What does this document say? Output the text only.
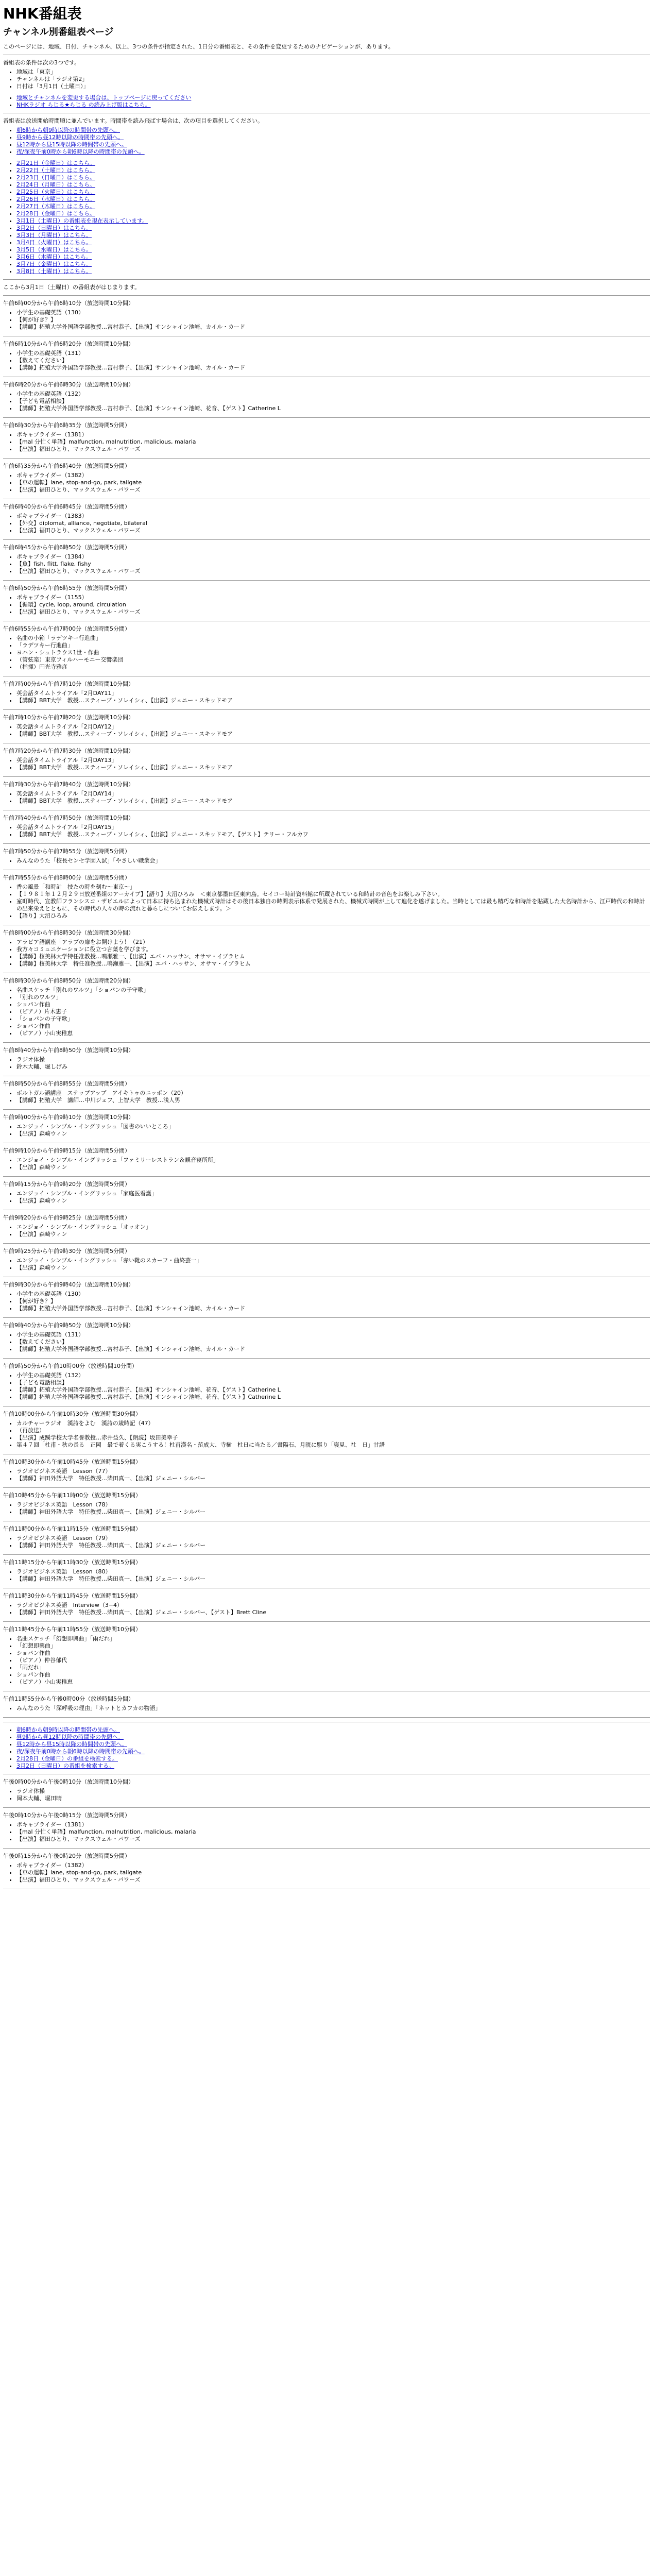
NHK番組表
チャンネル別番組表ページ

このページには、地域、日付、チャンネル、以上、3つの条件が指定された、1日分の番組表と、その条件を変更するためのナビゲーションが、あります。

番組表の条件は次の3つです。

• 地域は「東京」
• チャンネルは「ラジオ第2」
• 日付は「3月1日（土曜日）」
• 地域とチャンネルを変更する場合は、トップページに戻ってください
• NHKラジオ らじる★らじる の読み上げ版はこちら。

番組表は放送開始時間順に並んでいます。時間帯を読み飛ばす場合は、次の項目を選択してください。

• 朝6時から朝9時以降の時間帯の先頭へ。
• 昼9時から昼12時以降の時間帯の先頭へ。
• 昼12時から昼15時以降の時間帯の先頭へ。
• 夜/深夜午前0時から朝6時以降の時間帯の先頭へ。
• 2月21日（金曜日）はこちら。
• 2月22日（土曜日）はこちら。
• 2月23日（日曜日）はこちら。
• 2月24日（月曜日）はこちら。
• 2月25日（火曜日）はこちら。
• 2月26日（水曜日）はこちら。
• 2月27日（木曜日）はこちら。
• 2月28日（金曜日）はこちら。
• 3月1日（土曜日）の番組表を現在表示しています。
• 3月2日（日曜日）はこちら。
• 3月3日（月曜日）はこちら。
• 3月4日（火曜日）はこちら。
• 3月5日（水曜日）はこちら。
• 3月6日（木曜日）はこちら。
• 3月7日（金曜日）はこちら。
• 3月8日（土曜日）はこちら。

ここから3月1日（土曜日）の番組表がはじまります。

午前6時00分から午前6時10分（放送時間10分間）

• 小学生の基礎英語（130）
• 【何が好き？】
• 【講師】拓殖大学外国語学部教授…宮村恭子、【出演】サンシャイン池崎、カイル・カード

午前6時10分から午前6時20分（放送時間10分間）

• 小学生の基礎英語（131）
• 【数えてください】
• 【講師】拓殖大学外国語学部教授…宮村恭子、【出演】サンシャイン池崎、カイル・カード

午前6時20分から午前6時30分（放送時間10分間）

• 小学生の基礎英語（132）
• 【子ども電話相談】
• 【講師】拓殖大学外国語学部教授…宮村恭子、【出演】サンシャイン池崎、花音、【ゲスト】Catherine L

午前6時30分から午前6時35分（放送時間5分間）

• ボキャブライダー（1381）
• 【mal 分忙く単語】malfunction, malnutrition, malicious, malaria
• 【出演】福田ひとり、マックスウェル・パワーズ

午前6時35分から午前6時40分（放送時間5分間）

• ボキャブライダー（1382）
• 【車の運転】lane, stop-and-go, park, tailgate
• 【出演】福田ひとり、マックスウェル・パワーズ

午前6時40分から午前6時45分（放送時間5分間）

• ボキャブライダー（1383）
• 【外交】diplomat, alliance, negotiate, bilateral
• 【出演】福田ひとり、マックスウェル・パワーズ

午前6時45分から午前6時50分（放送時間5分間）

• ボキャブライダー（1384）
• 【魚】fish, flitt, flake, fishy
• 【出演】福田ひとり、マックスウェル・パワーズ

午前6時50分から午前6時55分（放送時間5分間）

• ボキャブライダー（1155）
• 【循環】cycle, loop, around, circulation
• 【出演】福田ひとり、マックスウェル・パワーズ

午前6時55分から午前7時00分（放送時間5分間）

• 名曲の小箱「ラデツキー行進曲」
• 「ラデツキー行進曲」
• ヨハン・シュトラウス1世・作曲
• （管弦楽）東京フィルハーモニー交響楽団
• （指揮）円光寺雅彦

午前7時00分から午前7時10分（放送時間10分間）

• 英会話タイムトライアル「2月DAY11」
• 【講師】BBT大学　教授…スティーブ・ソレイシィ、【出演】ジェニー・スキッドモア

午前7時10分から午前7時20分（放送時間10分間）

• 英会話タイムトライアル「2月DAY12」
• 【講師】BBT大学　教授…スティーブ・ソレイシィ、【出演】ジェニー・スキッドモア

午前7時20分から午前7時30分（放送時間10分間）

• 英会話タイムトライアル「2月DAY13」
• 【講師】BBT大学　教授…スティーブ・ソレイシィ、【出演】ジェニー・スキッドモア

午前7時30分から午前7時40分（放送時間10分間）

• 英会話タイムトライアル「2月DAY14」
• 【講師】BBT大学　教授…スティーブ・ソレイシィ、【出演】ジェニー・スキッドモア

午前7時40分から午前7時50分（放送時間10分間）

• 英会話タイムトライアル「2月DAY15」
• 【講師】BBT大学　教授…スティーブ・ソレイシィ、【出演】ジェニー・スキッドモア、【ゲスト】テリー・フルカワ

午前7時50分から午前7時55分（放送時間5分間）

• みんなのうた「校長センセ学園入試」「やさしい職業会」

午前7時55分から午前8時00分（放送時間5分間）

• 香の風景「和時計　技たの時を刻む〜東京〜」
• 【１９８１年１２月２９日放送番組のアーカイブ】【語り】大沼ひろみ　＜東京都墨田区東向島。セイコー時計資料館に所蔵されている和時計の音色をお楽しみ下さい。
• 室町時代、宣教師フランシスコ・ザビエルによって日本に持ち込まれた機械式時計はその後日本独自の時間表示体系で発展された、機械式時間が上して進化を遂げました。当時としては最も精巧な和時計を貼蔵した大名時計から、江戸時代の和時計の出来栄えとともに、その時代の人々の時の流れと暮らしについてお伝えします。＞
• 【語り】大沼ひろみ

午前8時00分から午前8時30分（放送時間30分間）

• アラビア語講座「アラブの扉をお開けよう！（21）
• 我方々コミュニケーションに役立つ言葉を学びます。
• 【講師】桜美林大学特任准教授…鳴瀬雅一、【出演】エバ・ハッサン、オサマ・イブラヒム
• 【講師】桜美林大学　特任准教授…鳴瀬雅一、【出演】エバ・ハッサン、オサマ・イブラヒム

午前8時30分から午前8時50分（放送時間20分間）

• 名曲スケッチ「別れのワルツ」「ショパンの子守歌」
• 「別れのワルツ」
• ショパン作曲
• （ピアノ）片木恵子
• 「ショパンの子守歌」
• ショパン作曲
• （ピアノ）小山実稚恵

午前8時40分から午前8時50分（放送時間10分間）

• ラジオ体操
• 鈴木大輔、堀しげみ

午前8時50分から午前8時55分（放送時間5分間）

• ボルトガル語講座　ステップアップ　アイキトゥのニッポン（20）
• 【講師】拓殖大学　講師…中川ジェフ、上智大学　教授…浅人男

午前9時00分から午前9時10分（放送時間10分間）

• エンジョイ・シンプル・イングリッシュ「図書のいいところ」
• 【出演】森崎ウィン

午前9時10分から午前9時15分（放送時間5分間）

• エンジョイ・シンプル・イングリッシュ「ファミリーレストラン＆観音寝所所」
• 【出演】森崎ウィン

午前9時15分から午前9時20分（放送時間5分間）

• エンジョイ・シンプル・イングリッシュ「家庭医看護」
• 【出演】森崎ウィン

午前9時20分から午前9時25分（放送時間5分間）

• エンジョイ・シンプル・イングリッシュ「オッオン」
• 【出演】森崎ウィン

午前9時25分から午前9時30分（放送時間5分間）

• エンジョイ・シンプル・イングリッシュ「赤い靴のスカーフ・曲終芸一」
• 【出演】森崎ウィン

午前9時30分から午前9時40分（放送時間10分間）

• 小学生の基礎英語（130）
• 【何が好き？】
• 【講師】拓殖大学外国語学部教授…宮村恭子、【出演】サンシャイン池崎、カイル・カード

午前9時40分から午前9時50分（放送時間10分間）

• 小学生の基礎英語（131）
• 【数えてください】
• 【講師】拓殖大学外国語学部教授…宮村恭子、【出演】サンシャイン池崎、カイル・カード

午前9時50分から午前10時00分（放送時間10分間）

• 小学生の基礎英語（132）
• 【子ども電話相談】
• 【講師】拓殖大学外国語学部教授…宮村恭子、【出演】サンシャイン池崎、花音、【ゲスト】Catherine L
• 【講師】拓殖大学外国語学部教授…宮村恭子、【出演】サンシャイン池崎、花音、【ゲスト】Catherine L

午前10時00分から午前10時30分（放送時間30分間）

• カルチャーラジオ　漢詩をよむ　漢詩の歳時記（47）
• （再放送）
• 【出演】成蹊学校大学名誉教授…赤井益久、【朗読】坂田美幸子
• 第４７回「杜甫・秋の長る　正岡　最で着くる実こうする！杜甫漢名・范成大、寺樹　杜日に当たる／書陽石、月暁に駆り「寝見、社　日」甘譜

午前10時30分から午前10時45分（放送時間15分間）

• ラジオビジネス英語　Lesson（77）
• 【講師】神田外語大学　特任教授…柴田真一、【出演】ジェニー・シルバー

午前10時45分から午前11時00分（放送時間15分間）

• ラジオビジネス英語　Lesson（78）
• 【講師】神田外語大学　特任教授…柴田真一、【出演】ジェニー・シルバー

午前11時00分から午前11時15分（放送時間15分間）

• ラジオビジネス英語　Lesson（79）
• 【講師】神田外語大学　特任教授…柴田真一、【出演】ジェニー・シルバー

午前11時15分から午前11時30分（放送時間15分間）

• ラジオビジネス英語　Lesson（80）
• 【講師】神田外語大学　特任教授…柴田真一、【出演】ジェニー・シルバー

午前11時30分から午前11時45分（放送時間15分間）

• ラジオビジネス英語　Interview（3−4）
• 【講師】神田外語大学　特任教授…柴田真一、【出演】ジェニー・シルバー、【ゲスト】Brett Cline

午前11時45分から午前11時55分（放送時間10分間）

• 名曲スケッチ「幻想即興曲」「雨だれ」
• 「幻想即興曲」
• ショパン作曲
• （ピアノ）仲谷郁代
• 「雨だれ」
• ショパン作曲
• （ピアノ）小山実稚恵

午前11時55分から午後0時00分（放送時間5分間）

• みんなのうた「深呼吸の理由」「ネットとカフカの物語」
• 朝6時から朝9時以降の時間帯の先頭へ。
• 昼9時から昼12時以降の時間帯の先頭へ。
• 昼12時から昼15時以降の時間帯の先頭へ。
• 夜/深夜午前0時から朝6時以降の時間帯の先頭へ。
• 2月28日（金曜日）の番組を検索する。
• 3月2日（日曜日）の番組を検索する。

午後0時00分から午後0時10分（放送時間10分間）

• ラジオ体操
• 岡本大輔、堀田晴

午後0時10分から午後0時15分（放送時間5分間）

• ボキャブライダー（1381）
• 【mal 分忙く単語】malfunction, malnutrition, malicious, malaria
• 【出演】福田ひとり、マックスウェル・パワーズ

午後0時15分から午後0時20分（放送時間5分間）

• ボキャブライダー（1382）
• 【車の運転】lane, stop-and-go, park, tailgate
• 【出演】福田ひとり、マックスウェル・パワーズ
